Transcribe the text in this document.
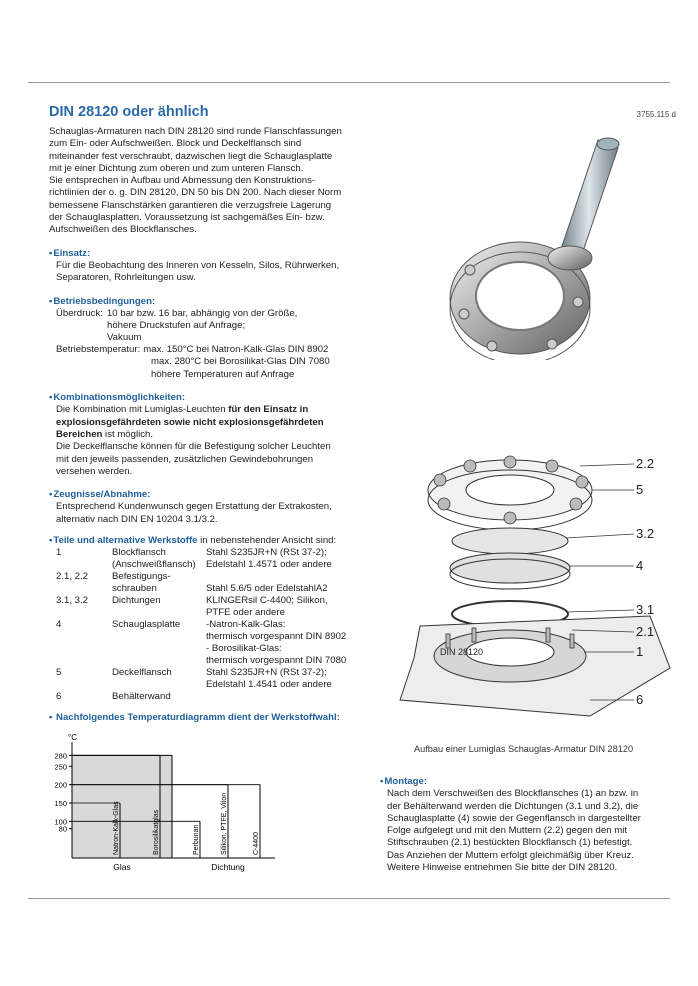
DIN 28120 oder ähnlich	3755.115 d

Schauglas-Armaturen nach DIN 28120 sind runde Flanschfassungen

zum Ein- oder Aufschweißen. Block und Deckelflansch sind

miteinander fest verschraubt, dazwischen liegt die Schauglasplatte

mit je einer Dichtung zum oberen und zum unteren Flansch.

Sie entsprechen in Aufbau und Abmessung den Konstruktions-

richtlinien der o. g. DIN 28120, DN 50 bis DN 200. Nach dieser Norm

bemessene Flanschstärken garantieren die verzugsfreie Lagerung

der Schauglasplatten. Voraussetzung ist sachgemäßes Ein- bzw.

Aufschweißen des Blockflansches.

•Einsatz:
Für die Beobachtung des Inneren von Kesseln, Silos, Rührwerken,
Separatoren, Rohrleitungen usw.
•Betriebsbedingungen:
Überdruck:	10 bar bzw. 16 bar, abhängig von der Größe,
höhere Druckstufen auf Anfrage;
Vakuum
Betriebstemperatur:	max. 150°C bei Natron-Kalk-Glas DIN 8902
max. 280°C bei Borosilikat-Glas DIN 7080
höhere Temperaturen auf Anfrage
•Kombinationsmöglichkeiten:
Die Kombination mit Lumiglas-Leuchten für den Einsatz in
explosionsgefährdeten sowie nicht explosionsgefährdeten
Bereichen ist möglich.
Die Deckelflansche können für die Befestigung solcher Leuchten
mit den jeweils passenden, zusätzlichen Gewindebohrungen
versehen werden.
•Zeugnisse/Abnahme:
Entsprechend Kundenwunsch gegen Erstattung der Extrakosten,
alternativ nach DIN EN 10204 3.1/3.2.
•Teile und alternative Werkstoffe in nebenstehender Ansicht sind:
1	Blockflansch	Stahl S235JR+N (RSt 37-2);
	(Anschweißflansch)	Edelstahl 1.4571 oder andere
2.1, 2.2	Befestigungs-	
	schrauben	Stahl 5.6/5 oder EdelstahlA2
3.1, 3.2	Dichtungen	KLINGERsil C-4400; Silikon,
		PTFE oder andere
4	Schauglasplatte	-Natron-Kalk-Glas:
		thermisch vorgespannt DIN 8902
		- Borosilikat-Glas:
		thermisch vorgespannt DIN 7080
5	Deckelflansch	Stahl S235JR+N (RSt 37-2);
		Edelstahl 1.4541 oder andere
6	Behälterwand	
• Nachfolgendes Temperaturdiagramm dient der Werkstoffwahl:
°C
80
100
150
200
250
280
Natron-Kalk-Glas	Borosilikatglas	Perbunan	Silikon, PTFE, Viton	C-4400
Glas	Dichtung
2.2
5
3.2
4
3.1
2.1
1
6
DIN 28120
Aufbau einer Lumiglas Schauglas-Armatur DIN 28120
•Montage:
Nach dem Verschweißen des Blockflansches (1) an bzw. in
der Behälterwand werden die Dichtungen (3.1 und 3.2), die
Schauglasplatte (4) sowie der Gegenflansch in dargestellter
Folge aufgelegt und mit den Muttern (2.2) gegen den mit
Stiftschrauben (2.1) bestückten Blockflansch (1) befestigt.
Das Anziehen der Muttern erfolgt gleichmäßig über Kreuz.
Weitere Hinweise entnehmen Sie bitte der DIN 28120.
